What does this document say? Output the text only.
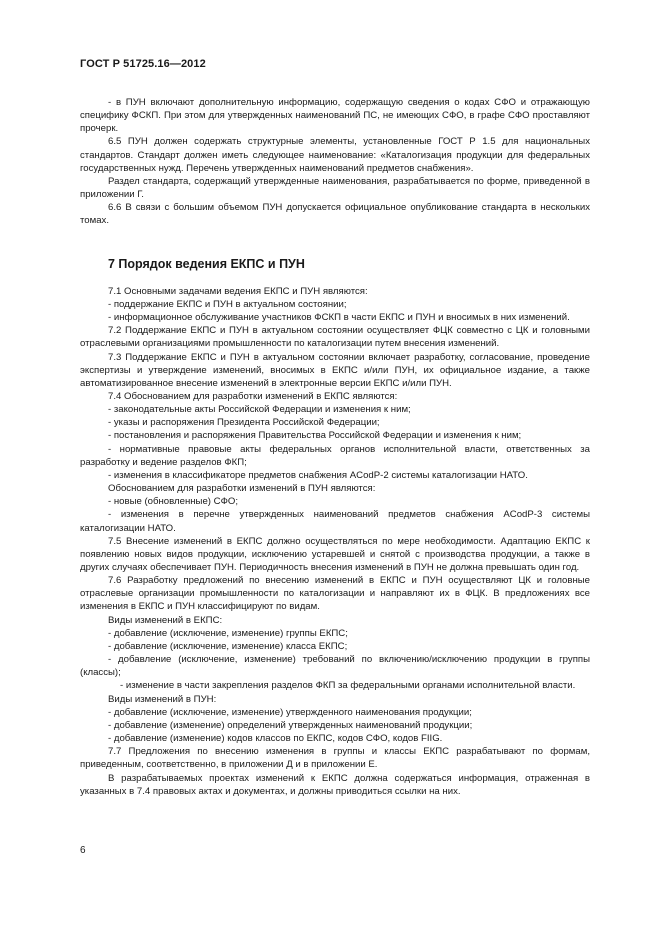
ГОСТ Р 51725.16—2012

- в ПУН включают дополнительную информацию, содержащую сведения о кодах СФО и отражающую специфику ФСКП. При этом для утвержденных наименований ПС, не имеющих СФО, в графе СФО проставляют прочерк.

6.5 ПУН должен содержать структурные элементы, установленные ГОСТ Р 1.5 для национальных стандартов. Стандарт должен иметь следующее наименование: «Каталогизация продукции для федеральных государственных нужд. Перечень утвержденных наименований предметов снабжения».

Раздел стандарта, содержащий утвержденные наименования, разрабатывается по форме, приведенной в приложении Г.

6.6 В связи с большим объемом ПУН допускается официальное опубликование стандарта в нескольких томах.

7 Порядок ведения ЕКПС и ПУН

7.1 Основными задачами ведения ЕКПС и ПУН являются:

- поддержание ЕКПС и ПУН в актуальном состоянии;

- информационное обслуживание участников ФСКП в части ЕКПС и ПУН и вносимых в них изменений.

7.2 Поддержание ЕКПС и ПУН в актуальном состоянии осуществляет ФЦК совместно с ЦК и головными отраслевыми организациями промышленности по каталогизации путем внесения изменений.

7.3 Поддержание ЕКПС и ПУН в актуальном состоянии включает разработку, согласование, проведение экспертизы и утверждение изменений, вносимых в ЕКПС и/или ПУН, их официальное издание, а также автоматизированное внесение изменений в электронные версии ЕКПС и/или ПУН.

7.4 Обоснованием для разработки изменений в ЕКПС являются:

- законодательные акты Российской Федерации и изменения к ним;

- указы и распоряжения Президента Российской Федерации;

- постановления и распоряжения Правительства Российской Федерации и изменения к ним;

- нормативные правовые акты федеральных органов исполнительной власти, ответственных за разработку и ведение разделов ФКП;

- изменения в классификаторе предметов снабжения ACodP-2 системы каталогизации НАТО.

Обоснованием для разработки изменений в ПУН являются:

- новые (обновленные) СФО;

- изменения в перечне утвержденных наименований предметов снабжения ACodP-3 системы каталогизации НАТО.

7.5 Внесение изменений в ЕКПС должно осуществляться по мере необходимости. Адаптацию ЕКПС к появлению новых видов продукции, исключению устаревшей и снятой с производства продукции, а также в других случаях обеспечивает ПУН. Периодичность внесения изменений в ПУН не должна превышать один год.

7.6 Разработку предложений по внесению изменений в ЕКПС и ПУН осуществляют ЦК и головные отраслевые организации промышленности по каталогизации и направляют их в ФЦК. В предложениях все изменения в ЕКПС и ПУН классифицируют по видам.

Виды изменений в ЕКПС:

- добавление (исключение, изменение) группы ЕКПС;

- добавление (исключение, изменение) класса ЕКПС;

- добавление (исключение, изменение) требований по включению/исключению продукции в группы (классы);

- изменение в части закрепления разделов ФКП за федеральными органами исполнительной власти.

Виды изменений в ПУН:

- добавление (исключение, изменение) утвержденного наименования продукции;

- добавление (изменение) определений утвержденных наименований продукции;

- добавление (изменение) кодов классов по ЕКПС, кодов СФО, кодов FIIG.

7.7 Предложения по внесению изменения в группы и классы ЕКПС разрабатывают по формам, приведенным, соответственно, в приложении Д и в приложении Е.

В разрабатываемых проектах изменений к ЕКПС должна содержаться информация, отраженная в указанных в 7.4 правовых актах и документах, и должны приводиться ссылки на них.

6
